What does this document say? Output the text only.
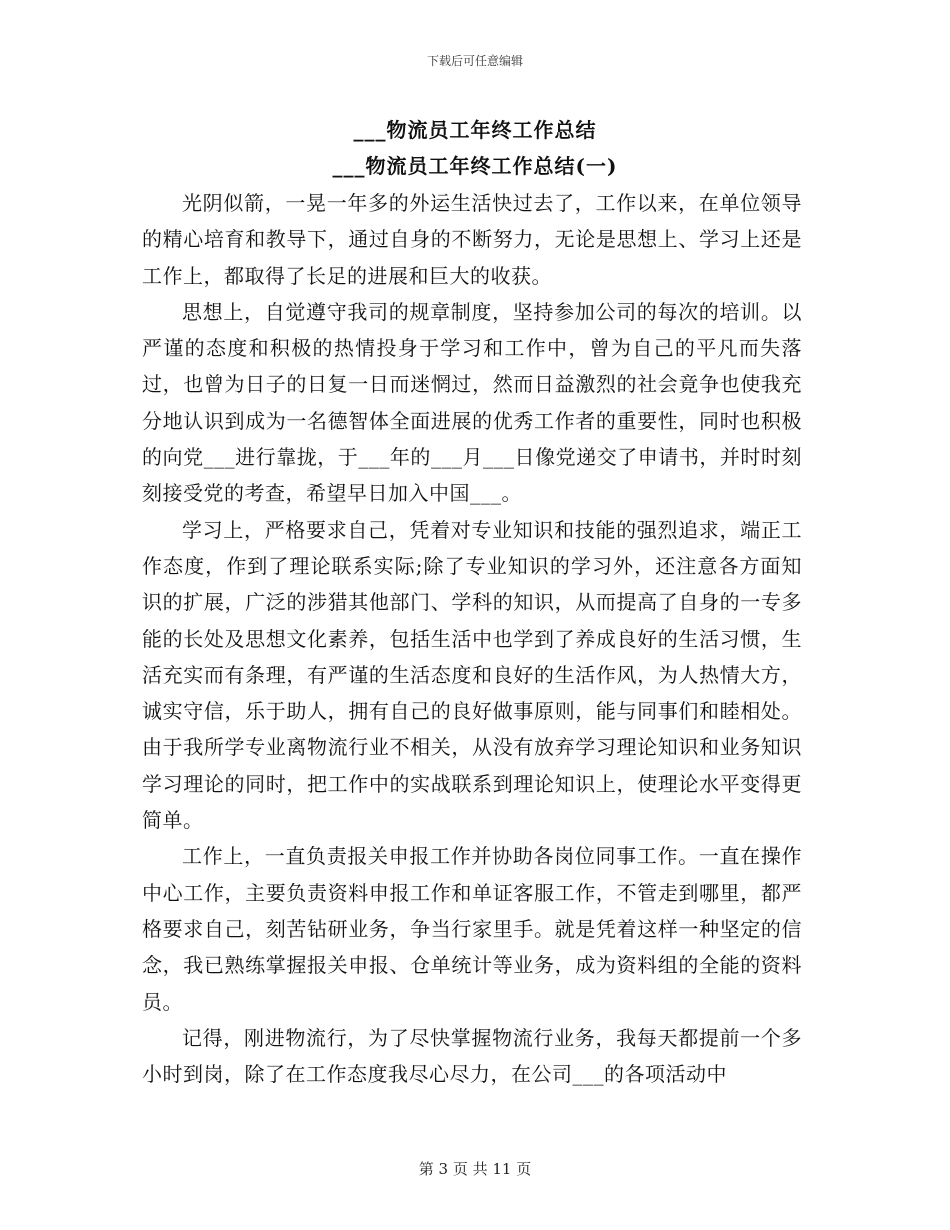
下载后可任意编辑
___物流员工年终工作总结
___物流员工年终工作总结(一)

光阴似箭，一晃一年多的外运生活快过去了，工作以来，在单位领导的精心培育和教导下，通过自身的不断努力，无论是思想上、学习上还是工作上，都取得了长足的进展和巨大的收获。

思想上，自觉遵守我司的规章制度，坚持参加公司的每次的培训。以严谨的态度和积极的热情投身于学习和工作中，曾为自己的平凡而失落过，也曾为日子的日复一日而迷惘过，然而日益激烈的社会竟争也使我充分地认识到成为一名德智体全面进展的优秀工作者的重要性，同时也积极的向党___进行靠拢，于___年的___月___日像党递交了申请书，并时时刻刻接受党的考查，希望早日加入中国___。

学习上，严格要求自己，凭着对专业知识和技能的强烈追求，端正工作态度，作到了理论联系实际;除了专业知识的学习外，还注意各方面知识的扩展，广泛的涉猎其他部门、学科的知识，从而提高了自身的一专多能的长处及思想文化素养，包括生活中也学到了养成良好的生活习惯，生活充实而有条理，有严谨的生活态度和良好的生活作风，为人热情大方，诚实守信，乐于助人，拥有自己的良好做事原则，能与同事们和睦相处。由于我所学专业离物流行业不相关，从没有放弃学习理论知识和业务知识学习理论的同时，把工作中的实战联系到理论知识上，使理论水平变得更简单。

工作上，一直负责报关申报工作并协助各岗位同事工作。一直在操作中心工作，主要负责资料申报工作和单证客服工作，不管走到哪里，都严格要求自己，刻苦钻研业务，争当行家里手。就是凭着这样一种坚定的信念，我已熟练掌握报关申报、仓单统计等业务，成为资料组的全能的资料员。

记得，刚进物流行，为了尽快掌握物流行业务，我每天都提前一个多小时到岗，除了在工作态度我尽心尽力，在公司___的各项活动中

第 3 页 共 11 页
